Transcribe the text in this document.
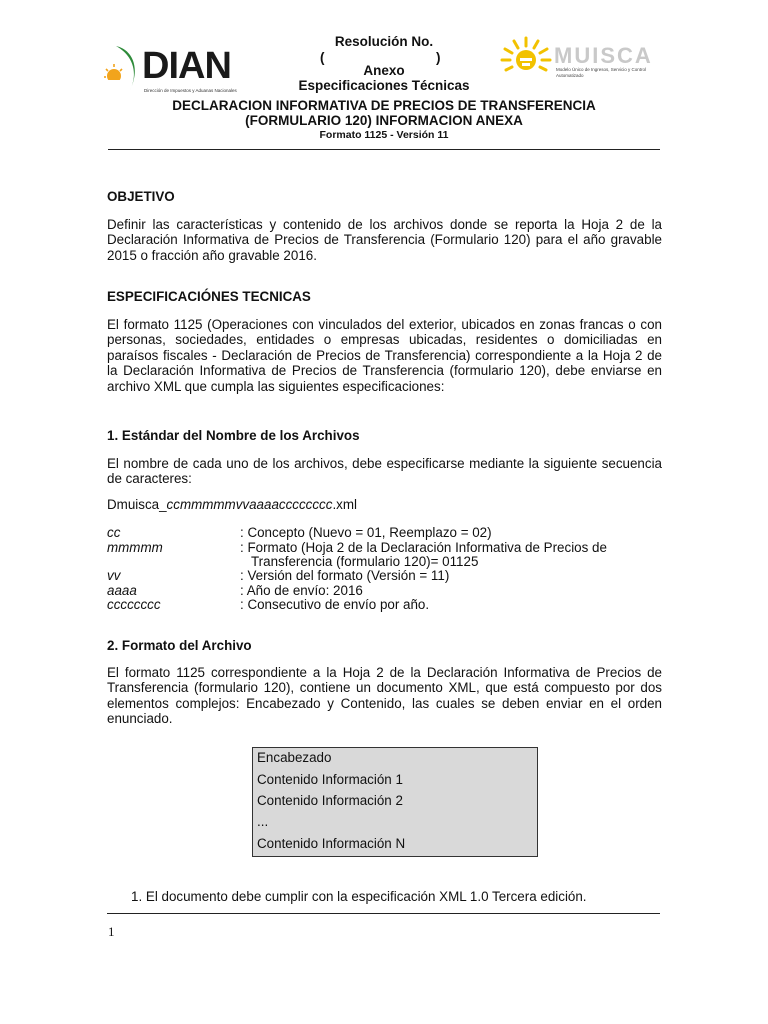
DIAN
Dirección de Impuestos y Aduanas Nacionales
MUISCA
Modelo Único de Ingresos, Servicio y Control Automatizado
Resolución No.
(	)
Anexo
Especificaciones Técnicas
DECLARACION INFORMATIVA DE PRECIOS DE TRANSFERENCIA
(FORMULARIO 120) INFORMACION ANEXA
Formato 1125 - Versión 11
OBJETIVO

Definir las características y contenido de los archivos donde se reporta la Hoja 2 de la Declaración Informativa de Precios de Transferencia (Formulario 120) para el año gravable 2015 o fracción año gravable 2016.

ESPECIFICACIÓNES TECNICAS

El formato 1125 (Operaciones con vinculados del exterior, ubicados en zonas francas o con personas, sociedades, entidades o empresas ubicadas, residentes o domiciliadas en paraísos fiscales - Declaración de Precios de Transferencia) correspondiente a la Hoja 2 de la Declaración Informativa de Precios de Transferencia (formulario 120), debe enviarse en archivo XML que cumpla las siguientes especificaciones:

1. Estándar del Nombre de los Archivos

El nombre de cada uno de los archivos, debe especificarse mediante la siguiente secuencia de caracteres:

Dmuisca_ccmmmmmvvaaaacccccccc.xml
cc	: Concepto (Nuevo = 01, Reemplazo = 02)
mmmmm	: Formato (Hoja 2 de la Declaración Informativa de Precios de
Transferencia (formulario 120)= 01125
vv	: Versión del formato (Versión = 11)
aaaa	: Año de envío: 2016
cccccccc	: Consecutivo de envío por año.
2. Formato del Archivo

El formato 1125 correspondiente a la Hoja 2 de la Declaración Informativa de Precios de Transferencia (formulario 120), contiene un documento XML, que está compuesto por dos elementos complejos: Encabezado y Contenido, las cuales se deben enviar en el orden enunciado.

Encabezado
Contenido Información 1
Contenido Información 2
...
Contenido Información N
1. El documento debe cumplir con la especificación XML 1.0 Tercera edición.
1
